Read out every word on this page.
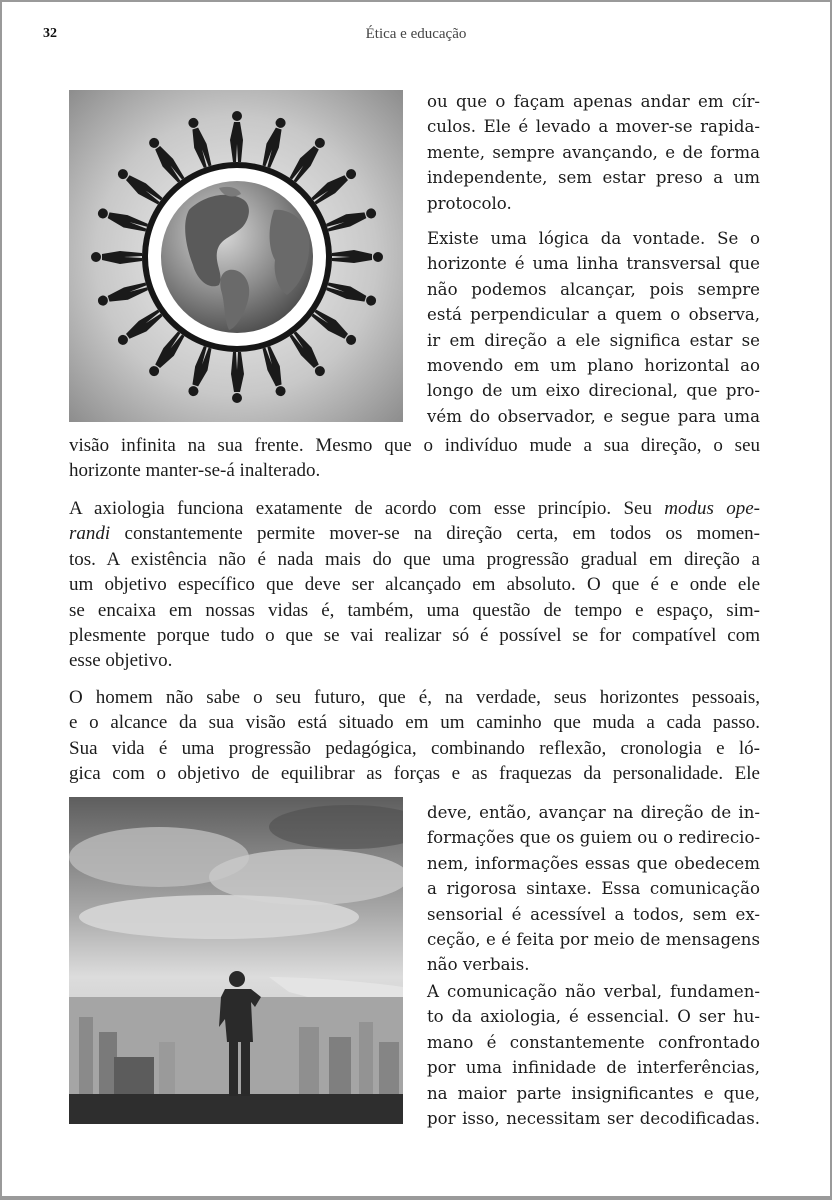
32	Ética e educação
ou que o façam apenas andar em cír-
culos. Ele é levado a mover-se rapida-
mente, sempre avançando, e de forma
independente, sem estar preso a um
protocolo.
Existe uma lógica da vontade. Se o
horizonte é uma linha transversal que
não podemos alcançar, pois sempre
está perpendicular a quem o observa,
ir em direção a ele significa estar se
movendo em um plano horizontal ao
longo de um eixo direcional, que pro-
vém do observador, e segue para uma
visão infinita na sua frente. Mesmo que o indivíduo mude a sua direção, o seu
horizonte manter-se-á inalterado.
A axiologia funciona exatamente de acordo com esse princípio. Seu modus ope-
randi constantemente permite mover-se na direção certa, em todos os momen-
tos. A existência não é nada mais do que uma progressão gradual em direção a
um objetivo específico que deve ser alcançado em absoluto. O que é e onde ele
se encaixa em nossas vidas é, também, uma questão de tempo e espaço, sim-
plesmente porque tudo o que se vai realizar só é possível se for compatível com
esse objetivo.
O homem não sabe o seu futuro, que é, na verdade, seus horizontes pessoais,
e o alcance da sua visão está situado em um caminho que muda a cada passo.
Sua vida é uma progressão pedagógica, combinando reflexão, cronologia e ló-
gica com o objetivo de equilibrar as forças e as fraquezas da personalidade. Ele
deve, então, avançar na direção de in-
formações que os guiem ou o redirecio-
nem, informações essas que obedecem
a rigorosa sintaxe. Essa comunicação
sensorial é acessível a todos, sem ex-
ceção, e é feita por meio de mensagens
não verbais.
A comunicação não verbal, fundamen-
to da axiologia, é essencial. O ser hu-
mano é constantemente confrontado
por uma infinidade de interferências,
na maior parte insignificantes e que,
por isso, necessitam ser decodificadas.
